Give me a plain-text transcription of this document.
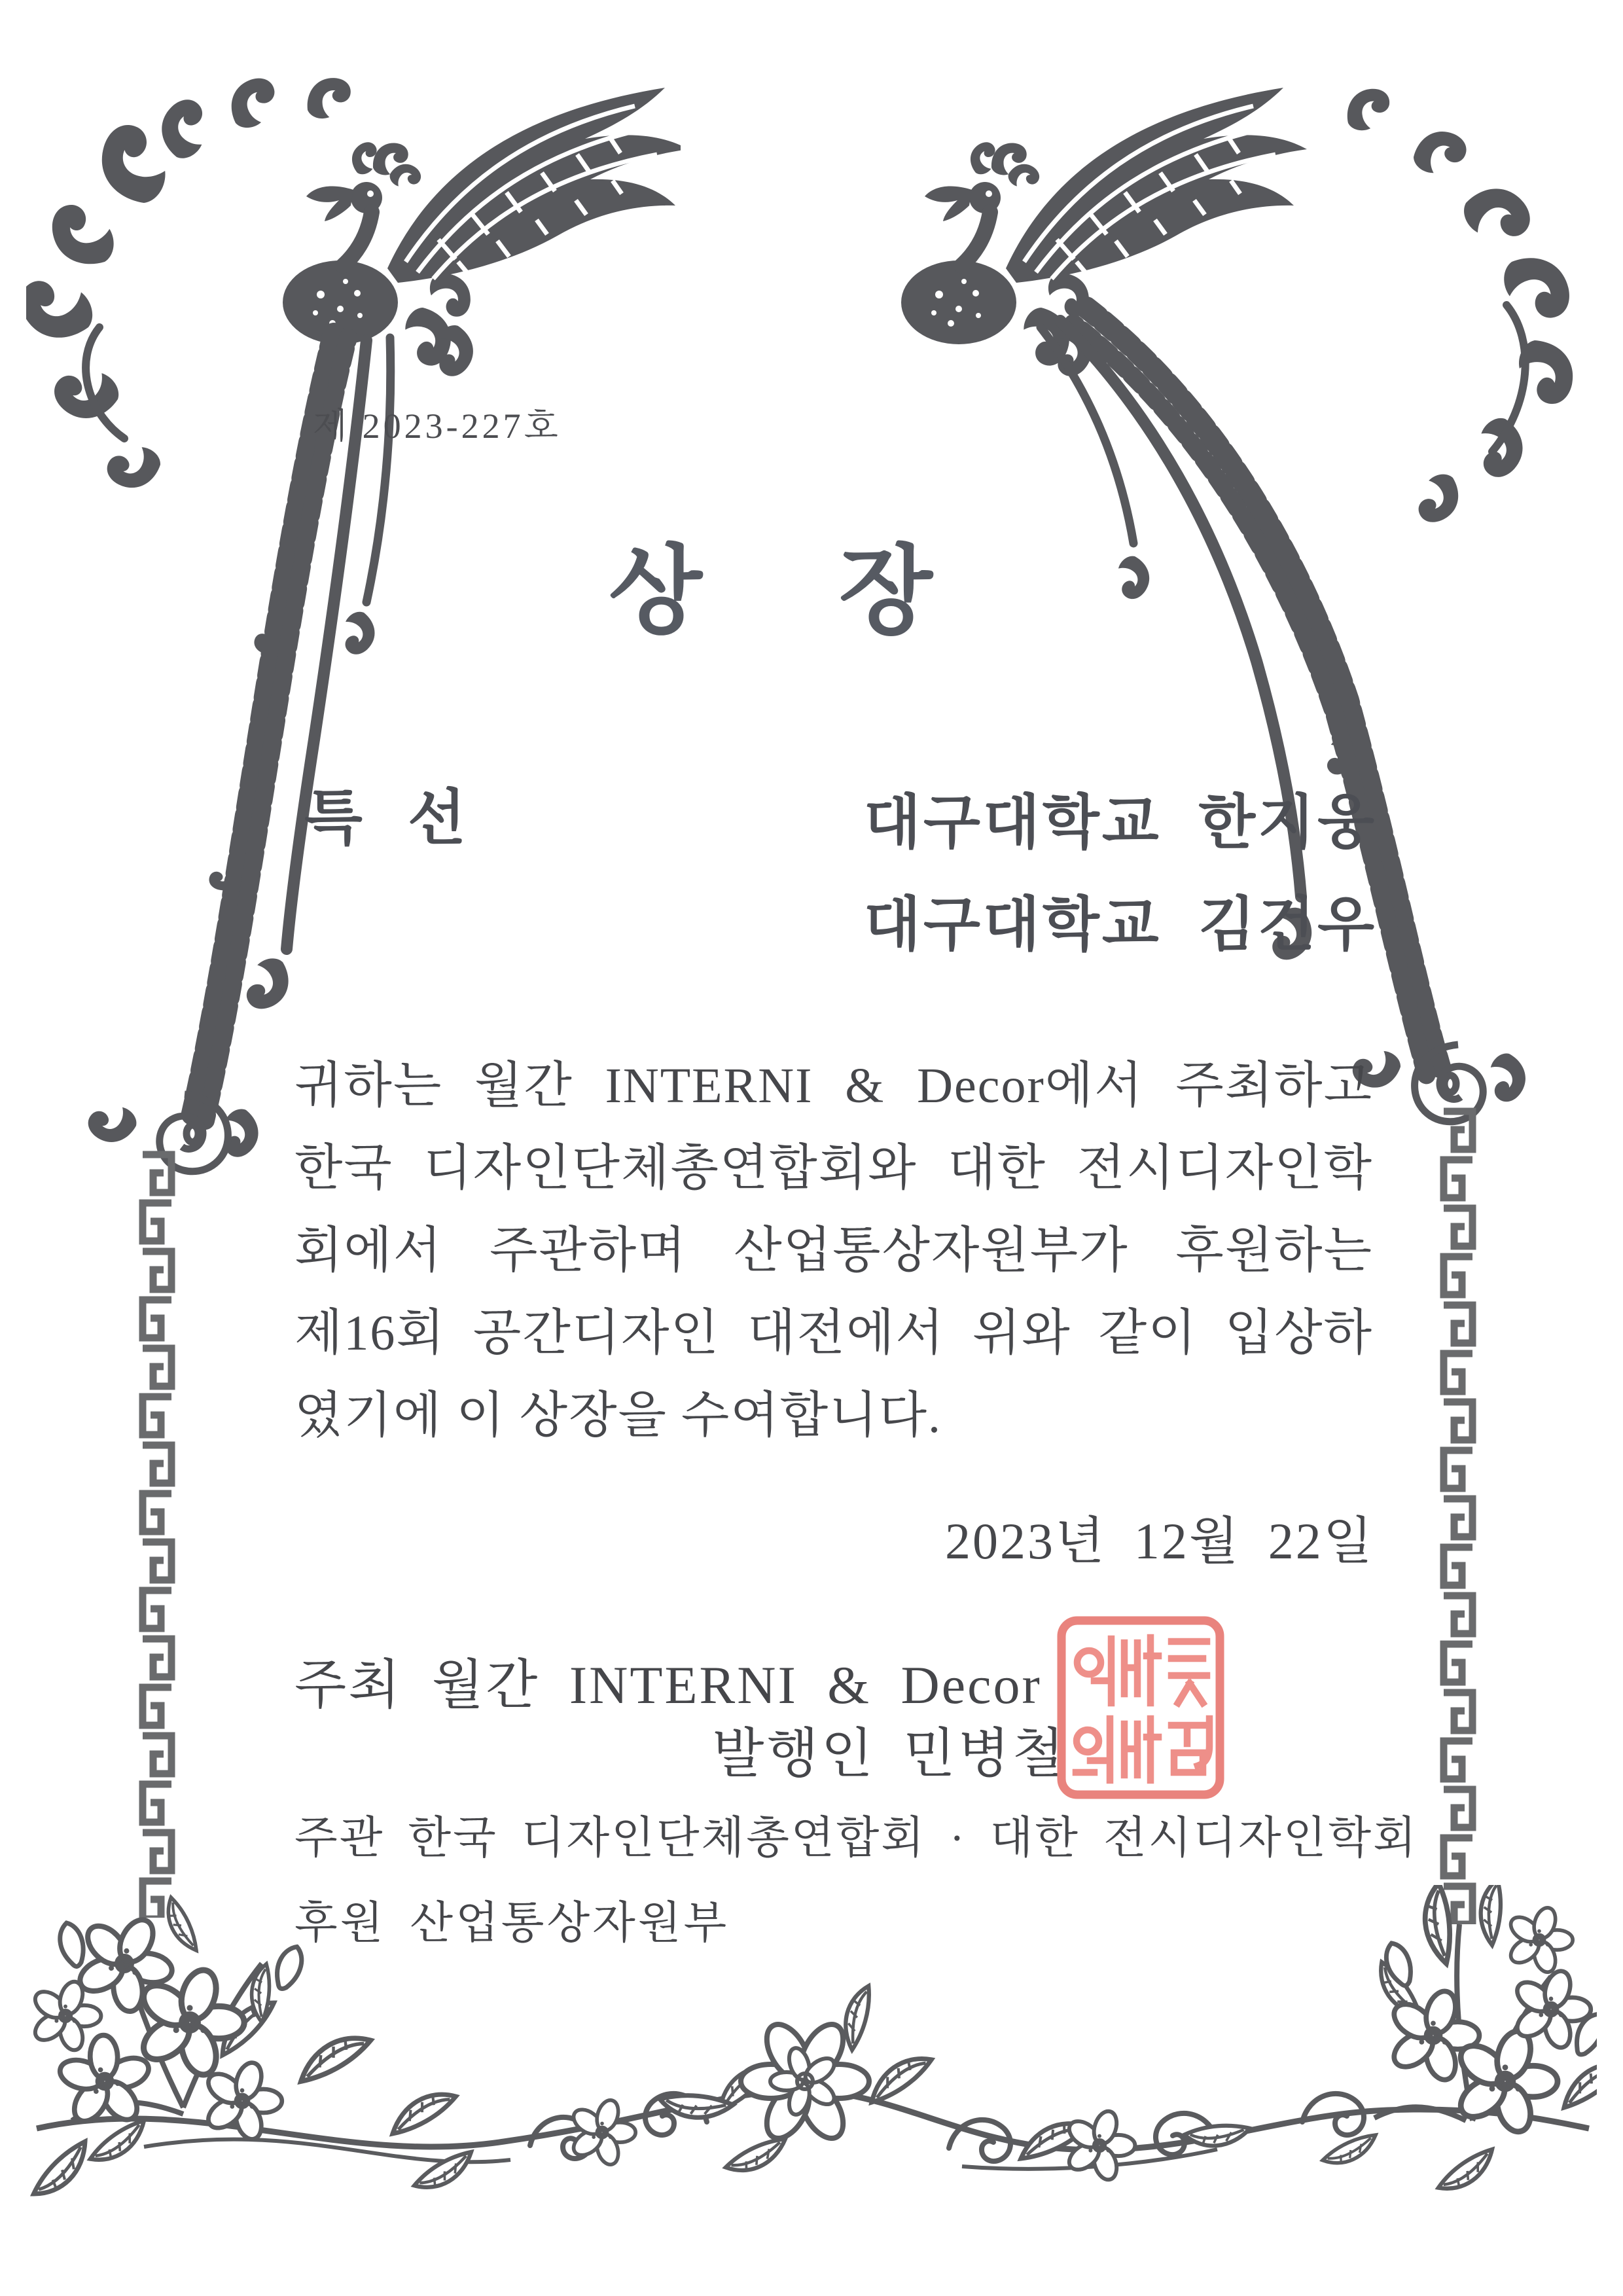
제 2023-227호
상 장
특 선	대구대학교 한지웅
대구대학교 김건우
귀하는 월간 INTERNI & Decor에서 주최하고
한국 디자인단체총연합회와 대한 전시디자인학
회에서 주관하며 산업통상자원부가 후원하는
제16회 공간디자인 대전에서 위와 같이 입상하
였기에 이 상장을 수여합니다.
2023년 12월 22일
주최 월간 INTERNI & Decor
발행인 민병철
주관 한국 디자인단체총연합회 · 대한 전시디자인학회
후원 산업통상자원부
